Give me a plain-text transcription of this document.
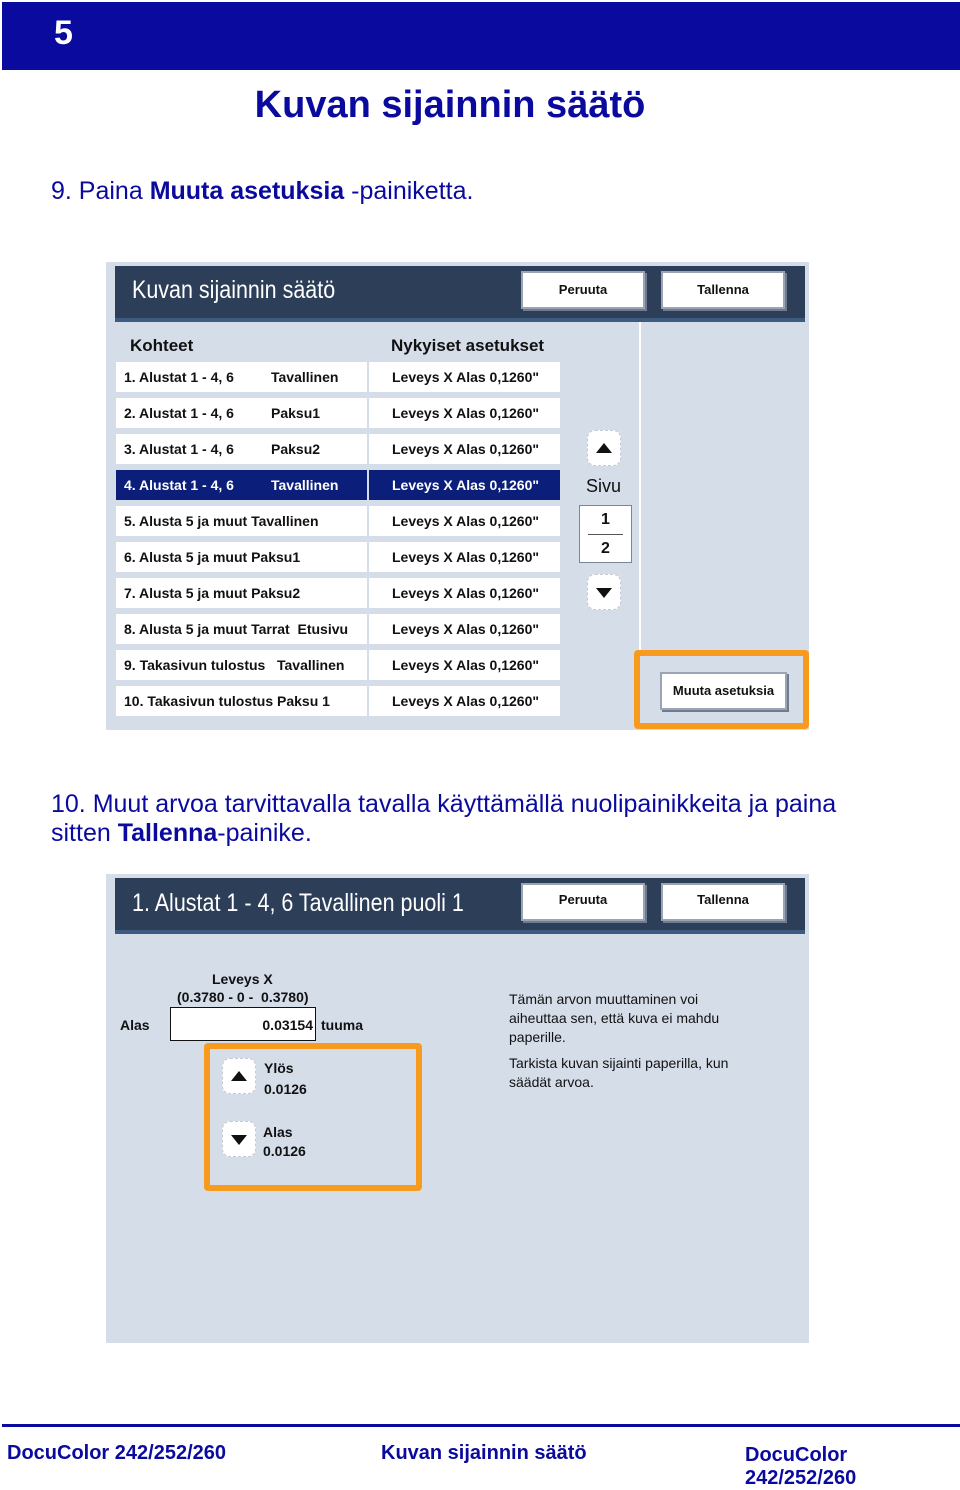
5
Kuvan sijainnin säätö
9. Paina Muuta asetuksia -painiketta.
Kuvan sijainnin säätö	Peruuta	Tallenna
Kohteet	Nykyiset asetukset
1. Alustat 1 - 4, 6	Tavallinen	Leveys X Alas 0,1260"
2. Alustat 1 - 4, 6	Paksu1	Leveys X Alas 0,1260"
3. Alustat 1 - 4, 6	Paksu2	Leveys X Alas 0,1260"
4. Alustat 1 - 4, 6	Tavallinen	Leveys X Alas 0,1260"
5. Alusta 5 ja muut Tavallinen	Leveys X Alas 0,1260"
6. Alusta 5 ja muut Paksu1	Leveys X Alas 0,1260"
7. Alusta 5 ja muut Paksu2	Leveys X Alas 0,1260"
8. Alusta 5 ja muut Tarrat  Etusivu	Leveys X Alas 0,1260"
9. Takasivun tulostus   Tavallinen	Leveys X Alas 0,1260"
10. Takasivun tulostus Paksu 1	Leveys X Alas 0,1260"
Sivu
1
2
Muuta asetuksia
10. Muut arvoa tarvittavalla tavalla käyttämällä nuolipainikkeita ja paina
sitten Tallenna-painike.
1. Alustat 1 - 4, 6 Tavallinen puoli 1	Peruuta	Tallenna
Leveys X
(0.3780 - 0 -  0.3780)
Alas	0.03154 tuuma
Ylös
0.0126
Alas
0.0126
Tämän arvon muuttaminen voi aiheuttaa sen, että kuva ei mahdu paperille.
Tarkista kuvan sijainti paperilla, kun säädät arvoa.
DocuColor 242/252/260	Kuvan sijainnin säätö	DocuColor 242/252/260
